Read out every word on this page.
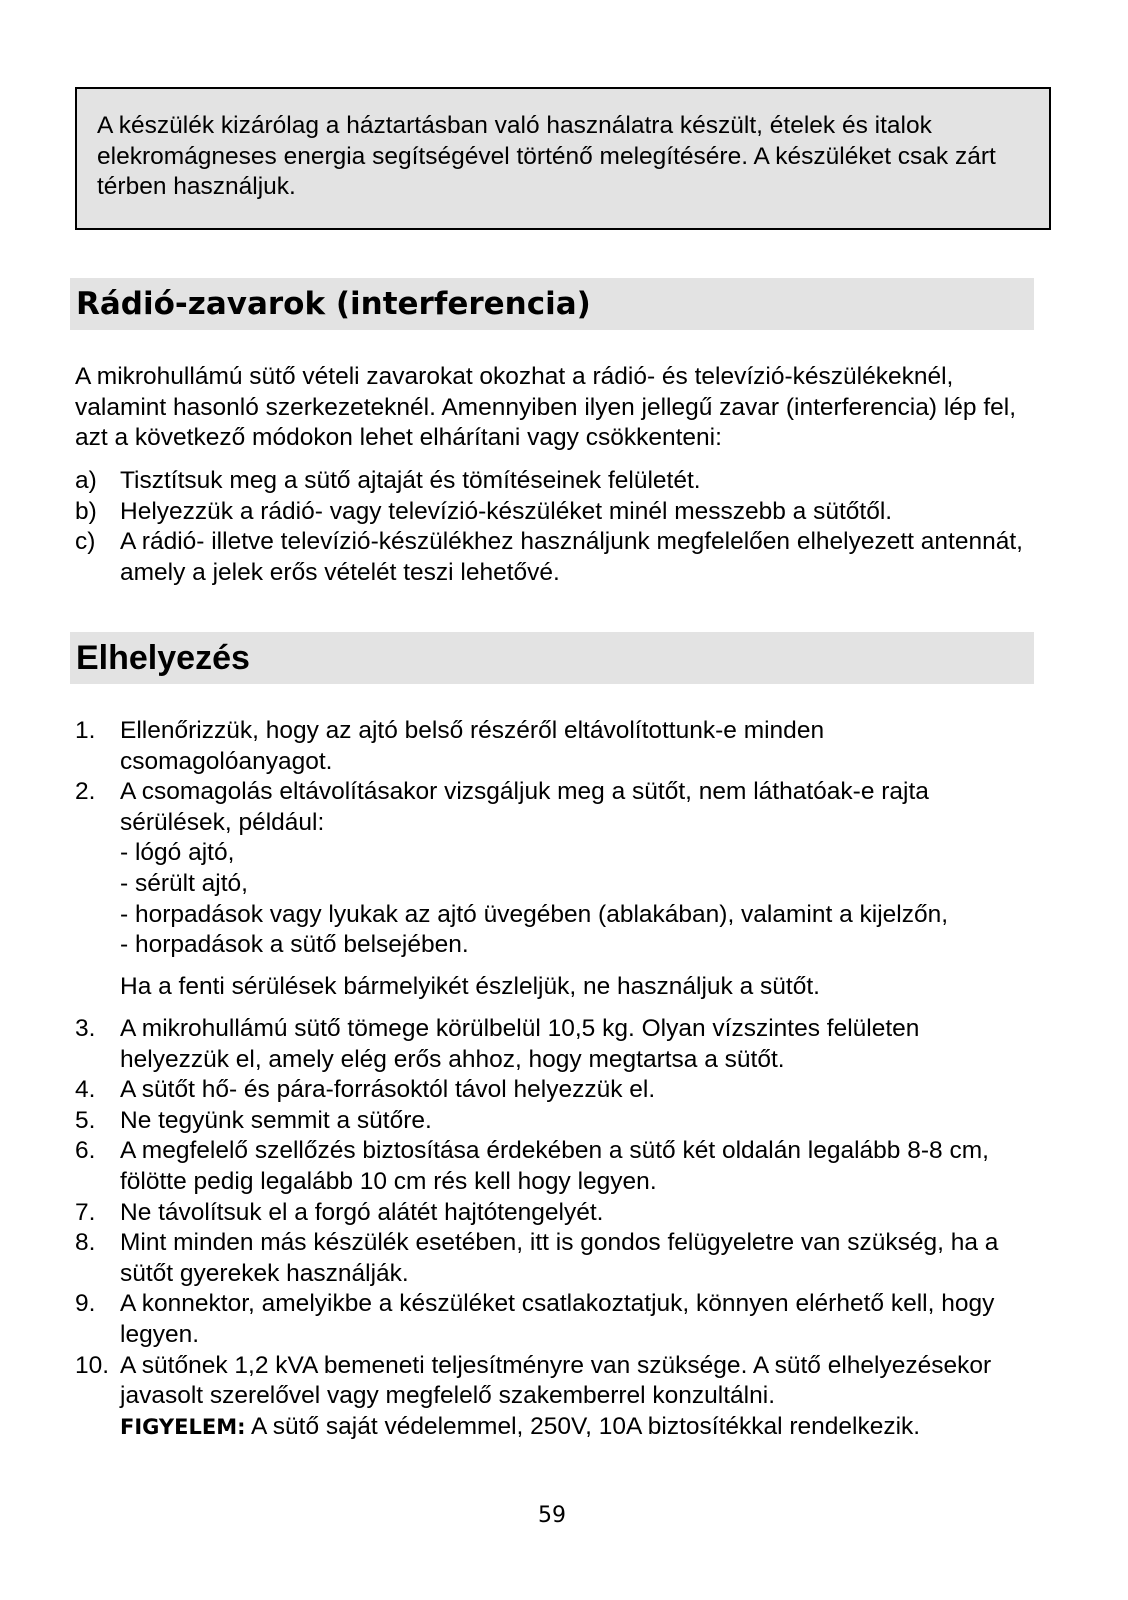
A készülék kizárólag a háztartásban való használatra készült, ételek és italok elekromágneses energia segítségével történő melegítésére. A készüléket csak zárt térben használjuk.
Rádió-zavarok (interferencia)

A mikrohullámú sütő vételi zavarokat okozhat a rádió- és televízió-készülékeknél, valamint hasonló szerkezeteknél. Amennyiben ilyen jellegű zavar (interferencia) lép fel, azt a következő módokon lehet elhárítani vagy csökkenteni:

a) Tisztítsuk meg a sütő ajtaját és tömítéseinek felületét.
b) Helyezzük a rádió- vagy televízió-készüléket minél messzebb a sütőtől.
c) A rádió- illetve televízió-készülékhez használjunk megfelelően elhelyezett antennát, amely a jelek erős vételét teszi lehetővé.
Elhelyezés
1. Ellenőrizzük, hogy az ajtó belső részéről eltávolítottunk-e minden csomagolóanyagot.
2. A csomagolás eltávolításakor vizsgáljuk meg a sütőt, nem láthatóak-e rajta sérülések, például:
- lógó ajtó,
- sérült ajtó,
- horpadások vagy lyukak az ajtó üvegében (ablakában), valamint a kijelzőn,
- horpadások a sütő belsejében.

Ha a fenti sérülések bármelyikét észleljük, ne használjuk a sütőt.

3. A mikrohullámú sütő tömege körülbelül 10,5 kg. Olyan vízszintes felületen helyezzük el, amely elég erős ahhoz, hogy megtartsa a sütőt.
4. A sütőt hő- és pára-forrásoktól távol helyezzük el.
5. Ne tegyünk semmit a sütőre.
6. A megfelelő szellőzés biztosítása érdekében a sütő két oldalán legalább 8-8 cm, fölötte pedig legalább 10 cm rés kell hogy legyen.
7. Ne távolítsuk el a forgó alátét hajtótengelyét.
8. Mint minden más készülék esetében, itt is gondos felügyeletre van szükség, ha a sütőt gyerekek használják.
9. A konnektor, amelyikbe a készüléket csatlakoztatjuk, könnyen elérhető kell, hogy legyen.
10. A sütőnek 1,2 kVA bemeneti teljesítményre van szüksége. A sütő elhelyezésekor javasolt szerelővel vagy megfelelő szakemberrel konzultálni.
FIGYELEM: A sütő saját védelemmel, 250V, 10A biztosítékkal rendelkezik.
59
